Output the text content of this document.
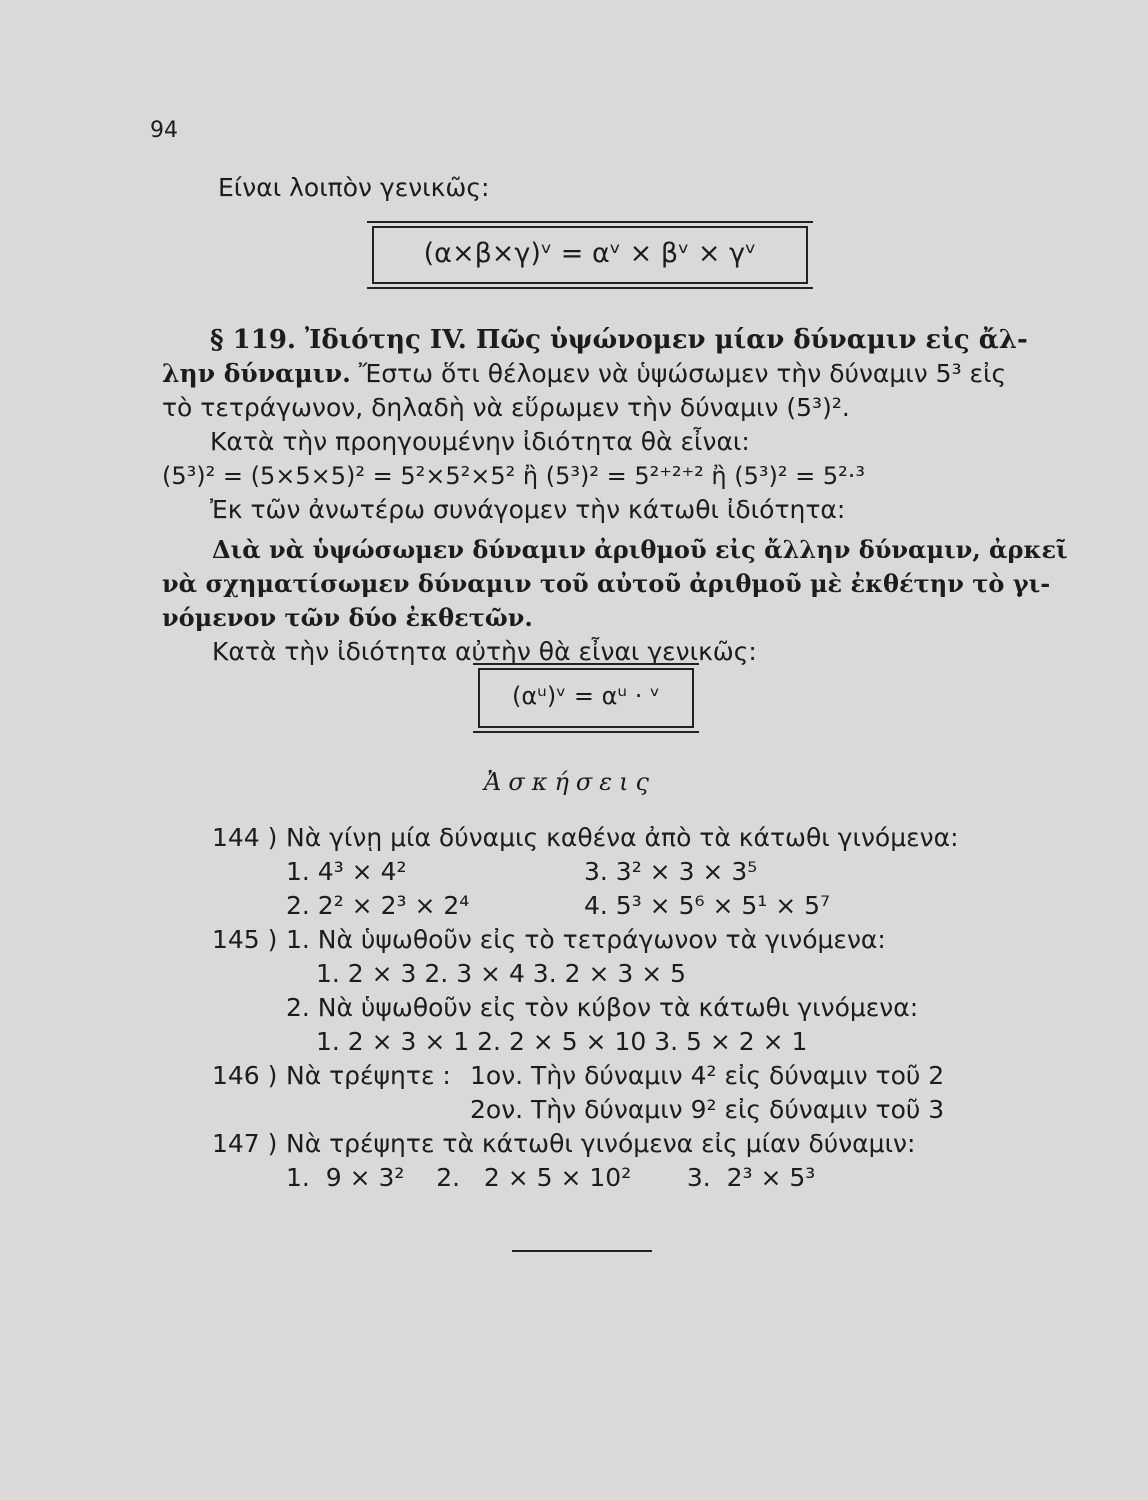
94
Είναι λοιπὸν γενικῶς:
(α×β×γ)ᵛ = αᵛ × βᵛ × γᵛ
§ 119. Ἰδιότης IV. Πῶς ὑψώνομεν μίαν δύναμιν εἰς ἄλ-
λην δύναμιν. Ἔστω ὅτι θέλομεν νὰ ὑψώσωμεν τὴν δύναμιν 5³ εἰς
τὸ τετράγωνον, δηλαδὴ νὰ εὕρωμεν τὴν δύναμιν (5³)².
Κατὰ τὴν προηγουμένην ἰδιότητα θὰ εἶναι:
(5³)² = (5×5×5)² = 5²×5²×5² ἢ (5³)² = 5²⁺²⁺² ἢ (5³)² = 5²·³
Ἐκ τῶν ἀνωτέρω συνάγομεν τὴν κάτωθι ἰδιότητα:
Διὰ νὰ ὑψώσωμεν δύναμιν ἀριθμοῦ εἰς ἄλλην δύναμιν, ἀρκεῖ
νὰ σχηματίσωμεν δύναμιν τοῦ αὐτοῦ ἀριθμοῦ μὲ ἐκθέτην τὸ γι-
νόμενον τῶν δύο ἐκθετῶν.
Κατὰ τὴν ἰδιότητα αὐτὴν θὰ εἶναι γενικῶς:
(αᵘ)ᵛ = αᵘ · ᵛ
Ἀσκήσεις
144 ) Νὰ γίνῃ μία δύναμις καθένα ἀπὸ τὰ κάτωθι γινόμενα:
1. 4³ × 4²	3. 3² × 3 × 3⁵
2. 2² × 2³ × 2⁴	4. 5³ × 5⁶ × 5¹ × 5⁷
145 ) 1. Νὰ ὑψωθοῦν εἰς τὸ τετράγωνον τὰ γινόμενα:
1. 2 × 3 2. 3 × 4 3. 2 × 3 × 5
2. Νὰ ὑψωθοῦν εἰς τὸν κύβον τὰ κάτωθι γινόμενα:
1. 2 × 3 × 1 2. 2 × 5 × 10 3. 5 × 2 × 1
146 ) Νὰ τρέψητε : 1ον. Τὴν δύναμιν 4² εἰς δύναμιν τοῦ 2
2ον. Τὴν δύναμιν 9² εἰς δύναμιν τοῦ 3
147 ) Νὰ τρέψητε τὰ κάτωθι γινόμενα εἰς μίαν δύναμιν:
1.  9 × 3²    2.   2 × 5 × 10²       3.  2³ × 5³
